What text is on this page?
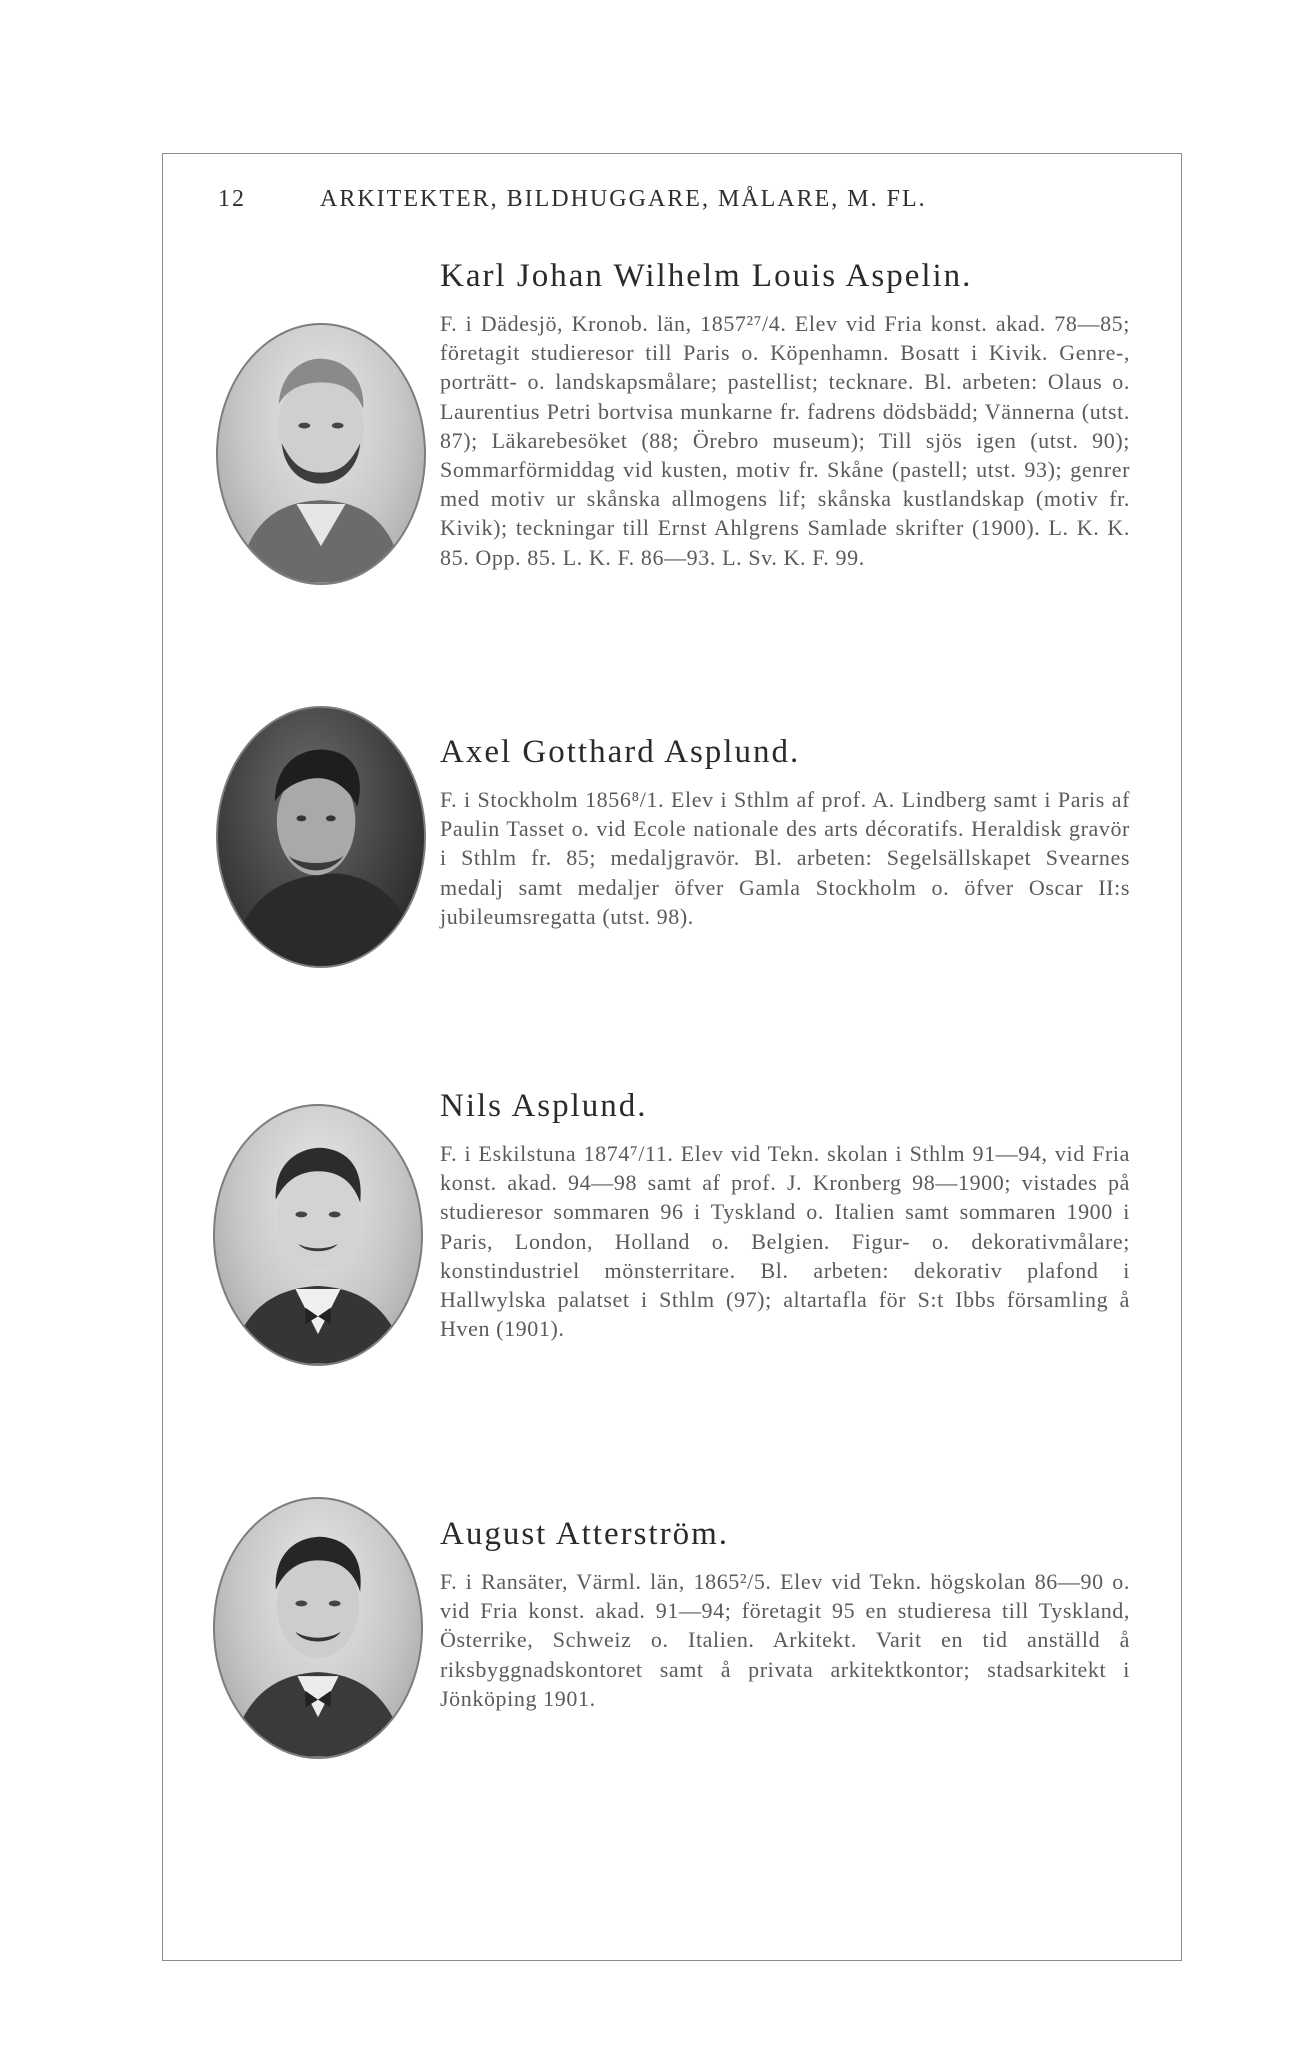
12	ARKITEKTER, BILDHUGGARE, MÅLARE, M. FL.
Karl Johan Wilhelm Louis Aspelin.

F. i Dädesjö, Kronob. län, 1857²⁷/4. Elev vid Fria konst. akad. 78—85; företagit studieresor till Paris o. Köpenhamn. Bosatt i Kivik. Genre-, porträtt- o. landskapsmålare; pastellist; tecknare. Bl. arbeten: Olaus o. Laurentius Petri bortvisa munkarne fr. fadrens dödsbädd; Vännerna (utst. 87); Läkarebesöket (88; Örebro museum); Till sjös igen (utst. 90); Sommarförmiddag vid kusten, motiv fr. Skåne (pastell; utst. 93); genrer med motiv ur skånska allmogens lif; skånska kustlandskap (motiv fr. Kivik); teckningar till Ernst Ahlgrens Samlade skrifter (1900). L. K. K. 85. Opp. 85. L. K. F. 86—93. L. Sv. K. F. 99.

Axel Gotthard Asplund.

F. i Stockholm 1856⁸/1. Elev i Sthlm af prof. A. Lindberg samt i Paris af Paulin Tasset o. vid Ecole nationale des arts décoratifs. Heraldisk gravör i Sthlm fr. 85; medaljgravör. Bl. arbeten: Segelsällskapet Svearnes medalj samt medaljer öfver Gamla Stockholm o. öfver Oscar II:s jubileumsregatta (utst. 98).

Nils Asplund.

F. i Eskilstuna 1874⁷/11. Elev vid Tekn. skolan i Sthlm 91—94, vid Fria konst. akad. 94—98 samt af prof. J. Kronberg 98—1900; vistades på studieresor sommaren 96 i Tyskland o. Italien samt sommaren 1900 i Paris, London, Holland o. Belgien. Figur- o. dekorativmålare; konstindustriel mönsterritare. Bl. arbeten: dekorativ plafond i Hallwylska palatset i Sthlm (97); altartafla för S:t Ibbs församling å Hven (1901).

August Atterström.

F. i Ransäter, Värml. län, 1865²/5. Elev vid Tekn. högskolan 86—90 o. vid Fria konst. akad. 91—94; företagit 95 en studieresa till Tyskland, Österrike, Schweiz o. Italien. Arkitekt. Varit en tid anställd å riksbyggnadskontoret samt å privata arkitektkontor; stadsarkitekt i Jönköping 1901.
